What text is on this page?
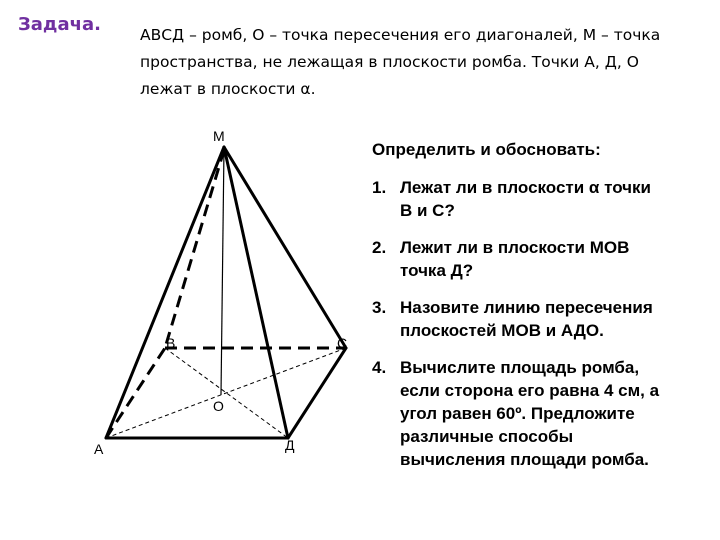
Задача.	АВСД – ромб, О – точка пересечения его диагоналей, М – точка
пространства, не лежащая в плоскости ромба. Точки А, Д, О
лежат в плоскости α.
М
В	С
О
А	Д
Определить и обосновать:
1. Лежат ли в плоскости α точки
В и С?
2. Лежит ли в плоскости МОВ
точка Д?
3. Назовите линию пересечения
плоскостей МОВ и АДО.
4. Вычислите площадь ромба,
если сторона его равна 4 см, а
угол равен 60º. Предложите
различные способы
вычисления площади ромба.
